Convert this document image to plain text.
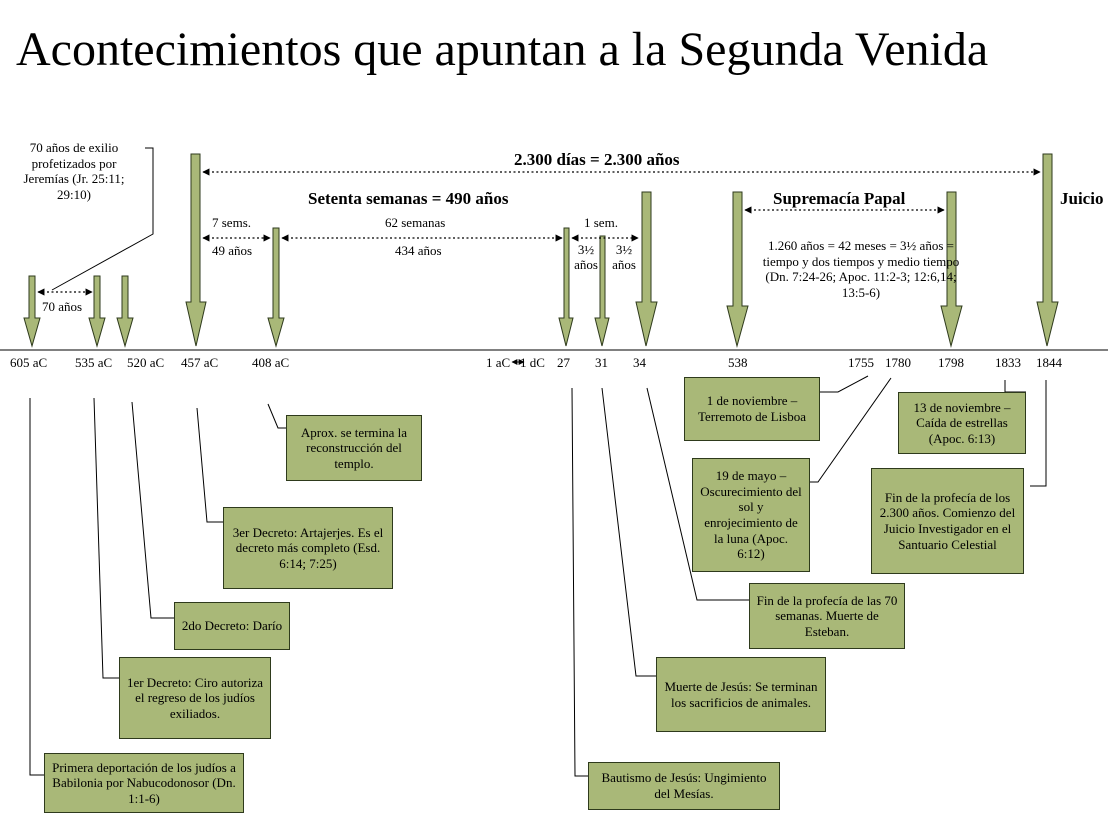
Acontecimientos que apuntan a la Segunda Venida
2.300 días = 2.300 años
Setenta semanas = 490 años	Supremacía Papal	Juicio
7 sems.
49 años
62 semanas
434 años
1 sem.
3½
años
3½
años
70 años
1.260 años = 42 meses = 3½ años = tiempo y dos tiempos y medio tiempo (Dn. 7:24-26; Apoc. 11:2-3; 12:6,14; 13:5-6)
70 años de exilio profetizados por Jeremías (Jr. 25:11; 29:10)
605 aC 535 aC 520 aC 457 aC	408 aC	1 aC 1 dC 27 31 34	538	1755 1780 1798 1833 1844
Primera deportación de los judíos a Babilonia por Nabucodonosor (Dn. 1:1-6)
1er Decreto: Ciro autoriza el regreso de los judíos exiliados.
2do Decreto: Darío
3er Decreto: Artajerjes. Es el decreto más completo (Esd. 6:14; 7:25)
Aprox. se termina la reconstrucción del templo.
Bautismo de Jesús: Ungimiento del Mesías.
Muerte de Jesús: Se terminan los sacrificios de animales.
Fin de la profecía de las 70 semanas. Muerte de Esteban.
1 de noviembre – Terremoto de Lisboa
19 de mayo – Oscurecimiento del sol y enrojecimiento de la luna (Apoc. 6:12)
13 de noviembre – Caída de estrellas (Apoc. 6:13)
Fin de la profecía de los 2.300 años. Comienzo del Juicio Investigador en el Santuario Celestial
